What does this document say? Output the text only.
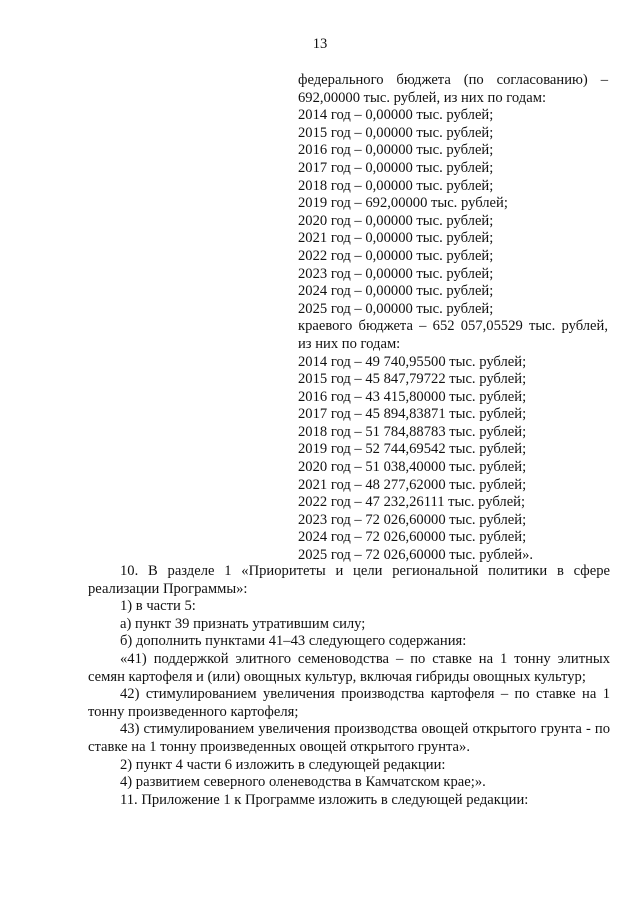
13
федерального бюджета (по согласованию) –
692,00000 тыс. рублей, из них по годам:
2014 год – 0,00000 тыс. рублей;
2015 год – 0,00000 тыс. рублей;
2016 год – 0,00000 тыс. рублей;
2017 год – 0,00000 тыс. рублей;
2018 год – 0,00000 тыс. рублей;
2019 год – 692,00000 тыс. рублей;
2020 год – 0,00000 тыс. рублей;
2021 год – 0,00000 тыс. рублей;
2022 год – 0,00000 тыс. рублей;
2023 год – 0,00000 тыс. рублей;
2024 год – 0,00000 тыс. рублей;
2025 год – 0,00000 тыс. рублей;
краевого бюджета – 652 057,05529 тыс. рублей,
из них по годам:
2014 год – 49 740,95500 тыс. рублей;
2015 год – 45 847,79722 тыс. рублей;
2016 год – 43 415,80000 тыс. рублей;
2017 год – 45 894,83871 тыс. рублей;
2018 год – 51 784,88783 тыс. рублей;
2019 год – 52 744,69542 тыс. рублей;
2020 год – 51 038,40000 тыс. рублей;
2021 год – 48 277,62000 тыс. рублей;
2022 год – 47 232,26111 тыс. рублей;
2023 год – 72 026,60000 тыс. рублей;
2024 год – 72 026,60000 тыс. рублей;
2025 год – 72 026,60000 тыс. рублей».
10. В разделе 1 «Приоритеты и цели региональной политики в сфере реализации Программы»:
1) в части 5:
а) пункт 39 признать утратившим силу;
б) дополнить пунктами 41–43 следующего содержания:
«41) поддержкой элитного семеноводства – по ставке на 1 тонну элитных семян картофеля и (или) овощных культур, включая гибриды овощных культур;
42) стимулированием увеличения производства картофеля – по ставке на 1 тонну произведенного картофеля;
43) стимулированием увеличения производства овощей открытого грунта - по ставке на 1 тонну произведенных овощей открытого грунта».
2) пункт 4 части 6 изложить в следующей редакции:
4) развитием северного оленеводства в Камчатском крае;».
11. Приложение 1 к Программе изложить в следующей редакции:
